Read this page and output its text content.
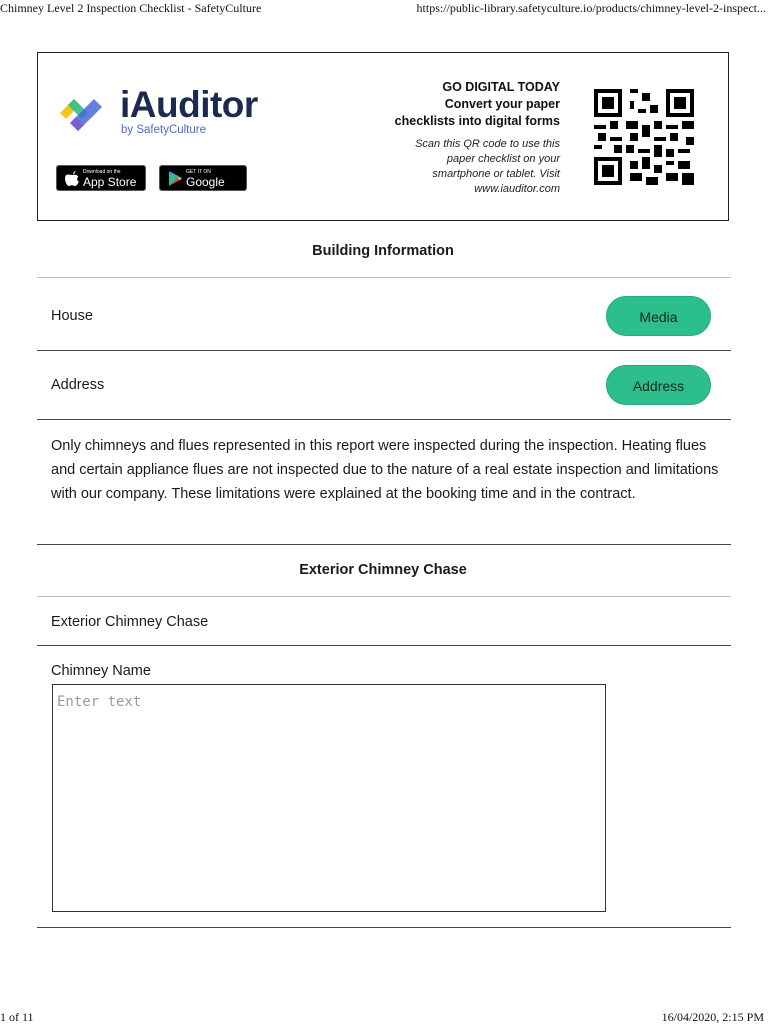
Chimney Level 2 Inspection Checklist - SafetyCulture	https://public-library.safetyculture.io/products/chimney-level-2-inspect...
iAuditor
by SafetyCulture
Download on the
App Store
GET IT ON
Google Play
GO DIGITAL TODAY
Convert your paper
checklists into digital forms
Scan this QR code to use this
paper checklist on your
smartphone or tablet. Visit
www.iauditor.com
Building Information
House	Media
Address	Address
Only chimneys and flues represented in this report were inspected during the inspection. Heating flues and certain appliance flues are not inspected due to the nature of a real estate inspection and limitations with our company. These limitations were explained at the booking time and in the contract.
Exterior Chimney Chase
Exterior Chimney Chase
Chimney Name
Enter text
1 of 11	16/04/2020, 2:15 PM
